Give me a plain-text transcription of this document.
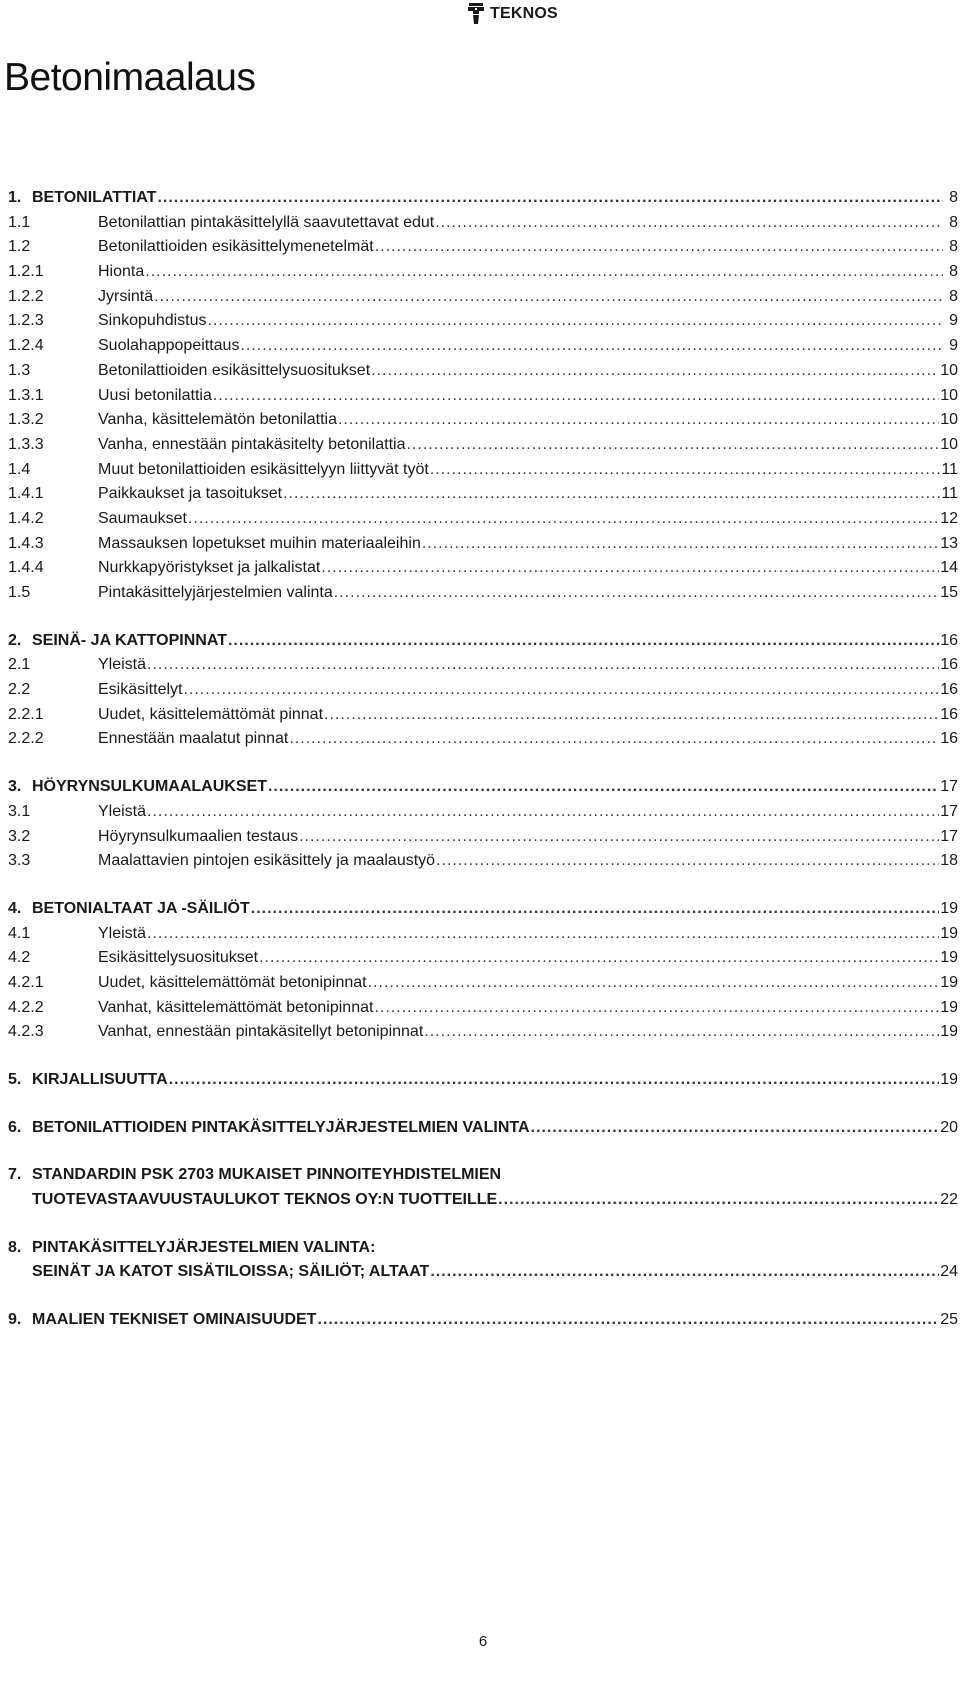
TEKNOS
Betonimaalaus
1. BETONILATTIAT .....	8
1.1	Betonilattian pintakäsittelyllä saavutettavat edut .....	8
1.2	Betonilattioiden esikäsittelymenetelmät .....	8
1.2.1	Hionta .....	8
1.2.2	Jyrsintä .....	8
1.2.3	Sinkopuhdistus .....	9
1.2.4	Suolahappopeittaus .....	9
1.3	Betonilattioiden esikäsittelysuositukset .....	10
1.3.1	Uusi betonilattia .....	10
1.3.2	Vanha, käsittelemätön betonilattia .....	10
1.3.3	Vanha, ennestään pintakäsitelty betonilattia .....	10
1.4	Muut betonilattioiden esikäsittelyyn liittyvät työt .....	11
1.4.1	Paikkaukset ja tasoitukset .....	11
1.4.2	Saumaukset .....	12
1.4.3	Massauksen lopetukset muihin materiaaleihin .....	13
1.4.4	Nurkkapyöristykset ja jalkalistat .....	14
1.5	Pintakäsittelyjärjestelmien valinta .....	15
2. SEINÄ- JA KATTOPINNAT .....	16
2.1	Yleistä .....	16
2.2	Esikäsittelyt .....	16
2.2.1	Uudet, käsittelemättömät pinnat .....	16
2.2.2	Ennestään maalatut pinnat .....	16
3. HÖYRYNSULKUMAALAUKSET .....	17
3.1	Yleistä .....	17
3.2	Höyrynsulkumaalien testaus .....	17
3.3	Maalattavien pintojen esikäsittely ja maalaustyö .....	18
4. BETONIALTAAT JA -SÄILIÖT .....	19
4.1	Yleistä .....	19
4.2	Esikäsittelysuositukset .....	19
4.2.1	Uudet, käsittelemättömät betonipinnat .....	19
4.2.2	Vanhat, käsittelemättömät betonipinnat .....	19
4.2.3	Vanhat, ennestään pintakäsitellyt betonipinnat .....	19
5. KIRJALLISUUTTA .....	19
6. BETONILATTIOIDEN PINTAKÄSITTELYJÄRJESTELMIEN VALINTA .....	20
7. STANDARDIN PSK 2703 MUKAISET PINNOITEYHDISTELMIEN
TUOTEVASTAAVUUSTAULUKOT TEKNOS OY:N TUOTTEILLE .....	22
8. PINTAKÄSITTELYJÄRJESTELMIEN VALINTA:
SEINÄT JA KATOT SISÄTILOISSA; SÄILIÖT; ALTAAT .....	24
9. MAALIEN TEKNISET OMINAISUUDET .....	25
6
